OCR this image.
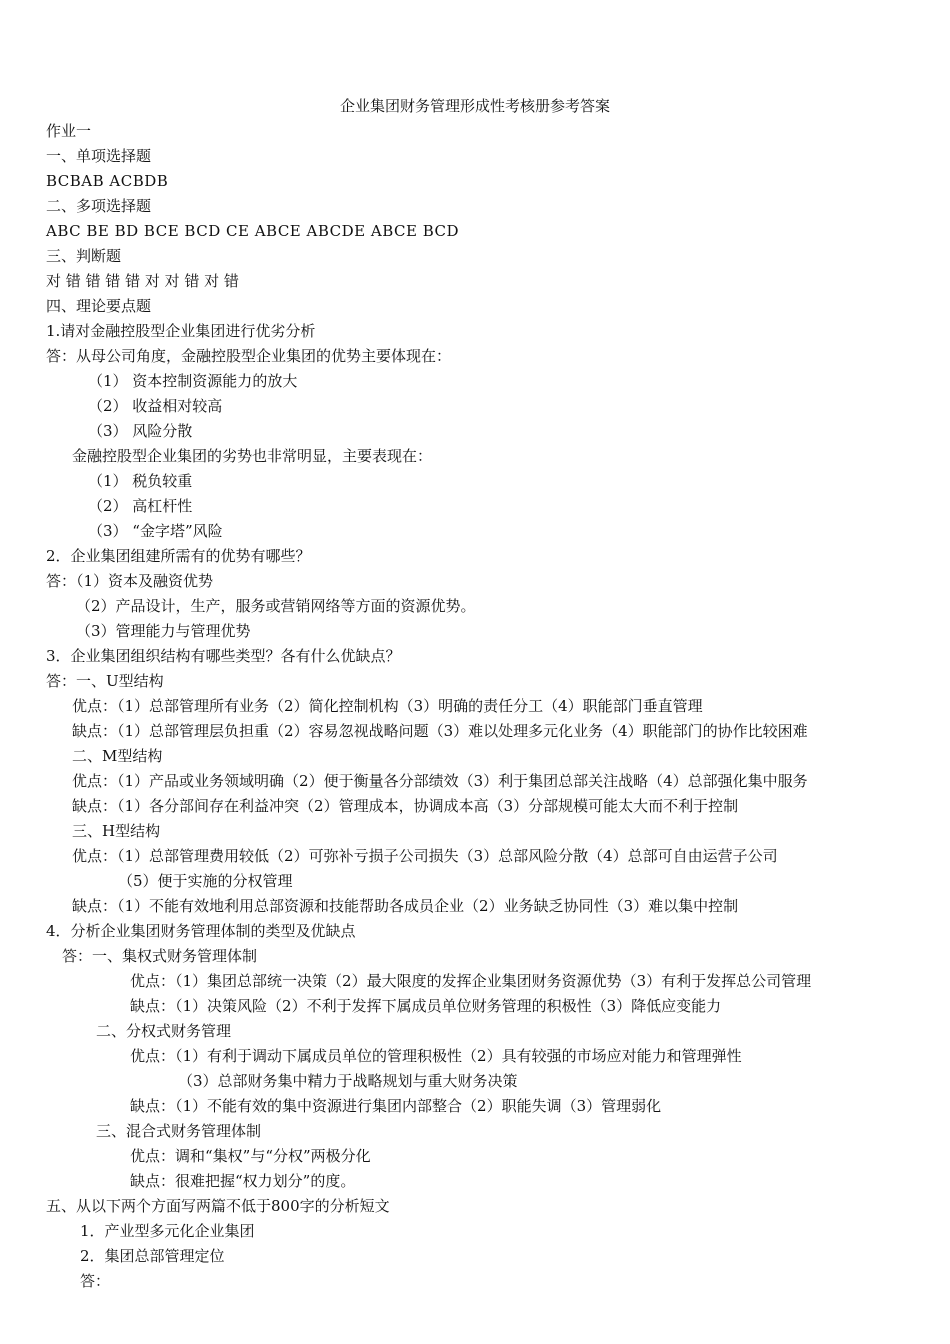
企业集团财务管理形成性考核册参考答案
作业一
一、单项选择题
BCBAB ACBDB
二、多项选择题
ABC BE BD BCE BCD CE ABCE ABCDE ABCE BCD
三、判断题
对 错 错 错 错 对 对 错 对 错
四、理论要点题
1.请对金融控股型企业集团进行优劣分析
答：从母公司角度，金融控股型企业集团的优势主要体现在：
（1） 资本控制资源能力的放大
（2） 收益相对较高
（3） 风险分散
金融控股型企业集团的劣势也非常明显，主要表现在：
（1） 税负较重
（2） 高杠杆性
（3） “金字塔”风险
2．企业集团组建所需有的优势有哪些？
答：（1）资本及融资优势
（2）产品设计，生产，服务或营销网络等方面的资源优势。
（3）管理能力与管理优势
3．企业集团组织结构有哪些类型？各有什么优缺点？
答：一、U型结构
优点：（1）总部管理所有业务（2）简化控制机构（3）明确的责任分工（4）职能部门垂直管理
缺点：（1）总部管理层负担重（2）容易忽视战略问题（3）难以处理多元化业务（4）职能部门的协作比较困难
二、M型结构
优点：（1）产品或业务领域明确（2）便于衡量各分部绩效（3）利于集团总部关注战略（4）总部强化集中服务
缺点：（1）各分部间存在利益冲突（2）管理成本，协调成本高（3）分部规模可能太大而不利于控制
三、H型结构
优点：（1）总部管理费用较低（2）可弥补亏损子公司损失（3）总部风险分散（4）总部可自由运营子公司
（5）便于实施的分权管理
缺点：（1）不能有效地利用总部资源和技能帮助各成员企业（2）业务缺乏协同性（3）难以集中控制
4．分析企业集团财务管理体制的类型及优缺点
答：一、集权式财务管理体制
优点：（1）集团总部统一决策（2）最大限度的发挥企业集团财务资源优势（3）有利于发挥总公司管理
缺点：（1）决策风险（2）不利于发挥下属成员单位财务管理的积极性（3）降低应变能力
二、分权式财务管理
优点：（1）有利于调动下属成员单位的管理积极性（2）具有较强的市场应对能力和管理弹性
（3）总部财务集中精力于战略规划与重大财务决策
缺点：（1）不能有效的集中资源进行集团内部整合（2）职能失调（3）管理弱化
三、混合式财务管理体制
优点：调和“集权”与“分权”两极分化
缺点：很难把握“权力划分”的度。
五、从以下两个方面写两篇不低于800字的分析短文
1．产业型多元化企业集团
2．集团总部管理定位
答：
